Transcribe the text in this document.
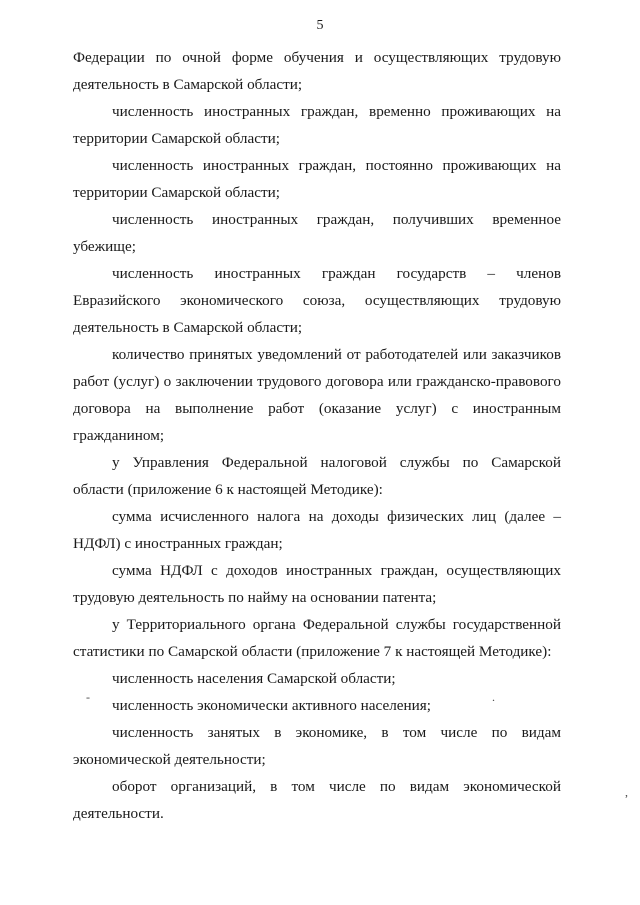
5

Федерации по очной форме обучения и осуществляющих трудовую деятельность в Самарской области;

численность иностранных граждан, временно проживающих на территории Самарской области;

численность иностранных граждан, постоянно проживающих на территории Самарской области;

численность иностранных граждан, получивших временное убежище;

численность иностранных граждан государств – членов Евразийского экономического союза, осуществляющих трудовую деятельность в Самарской области;

количество принятых уведомлений от работодателей или заказчиков работ (услуг) о заключении трудового договора или гражданско-правового договора на выполнение работ (оказание услуг) с иностранным гражданином;

у Управления Федеральной налоговой службы по Самарской области (приложение 6 к настоящей Методике):

сумма исчисленного налога на доходы физических лиц (далее – НДФЛ) с иностранных граждан;

сумма НДФЛ с доходов иностранных граждан, осуществляющих трудовую деятельность по найму на основании патента;

у Территориального органа Федеральной службы государственной статистики по Самарской области (приложение 7 к настоящей Методике):

численность населения Самарской области;

численность экономически активного населения;

численность занятых в экономике, в том числе по видам экономической деятельности;

оборот организаций, в том числе по видам экономической деятельности.

-	.
,
